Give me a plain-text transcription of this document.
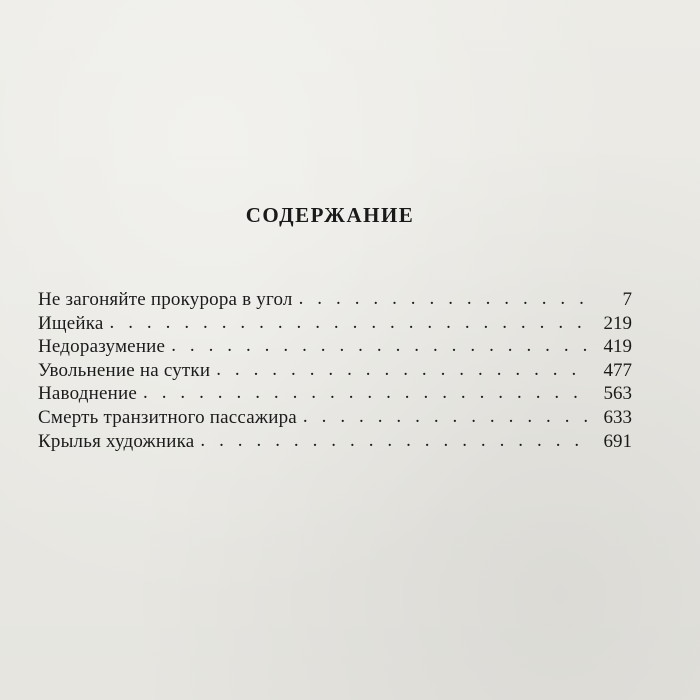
СОДЕРЖАНИЕ
Не загоняйте прокурора в угол . . .	7
Ищейка . . .	219
Недоразумение . . .	419
Увольнение на сутки . . .	477
Наводнение . . .	563
Смерть транзитного пассажира . . .	633
Крылья художника . . .	691
